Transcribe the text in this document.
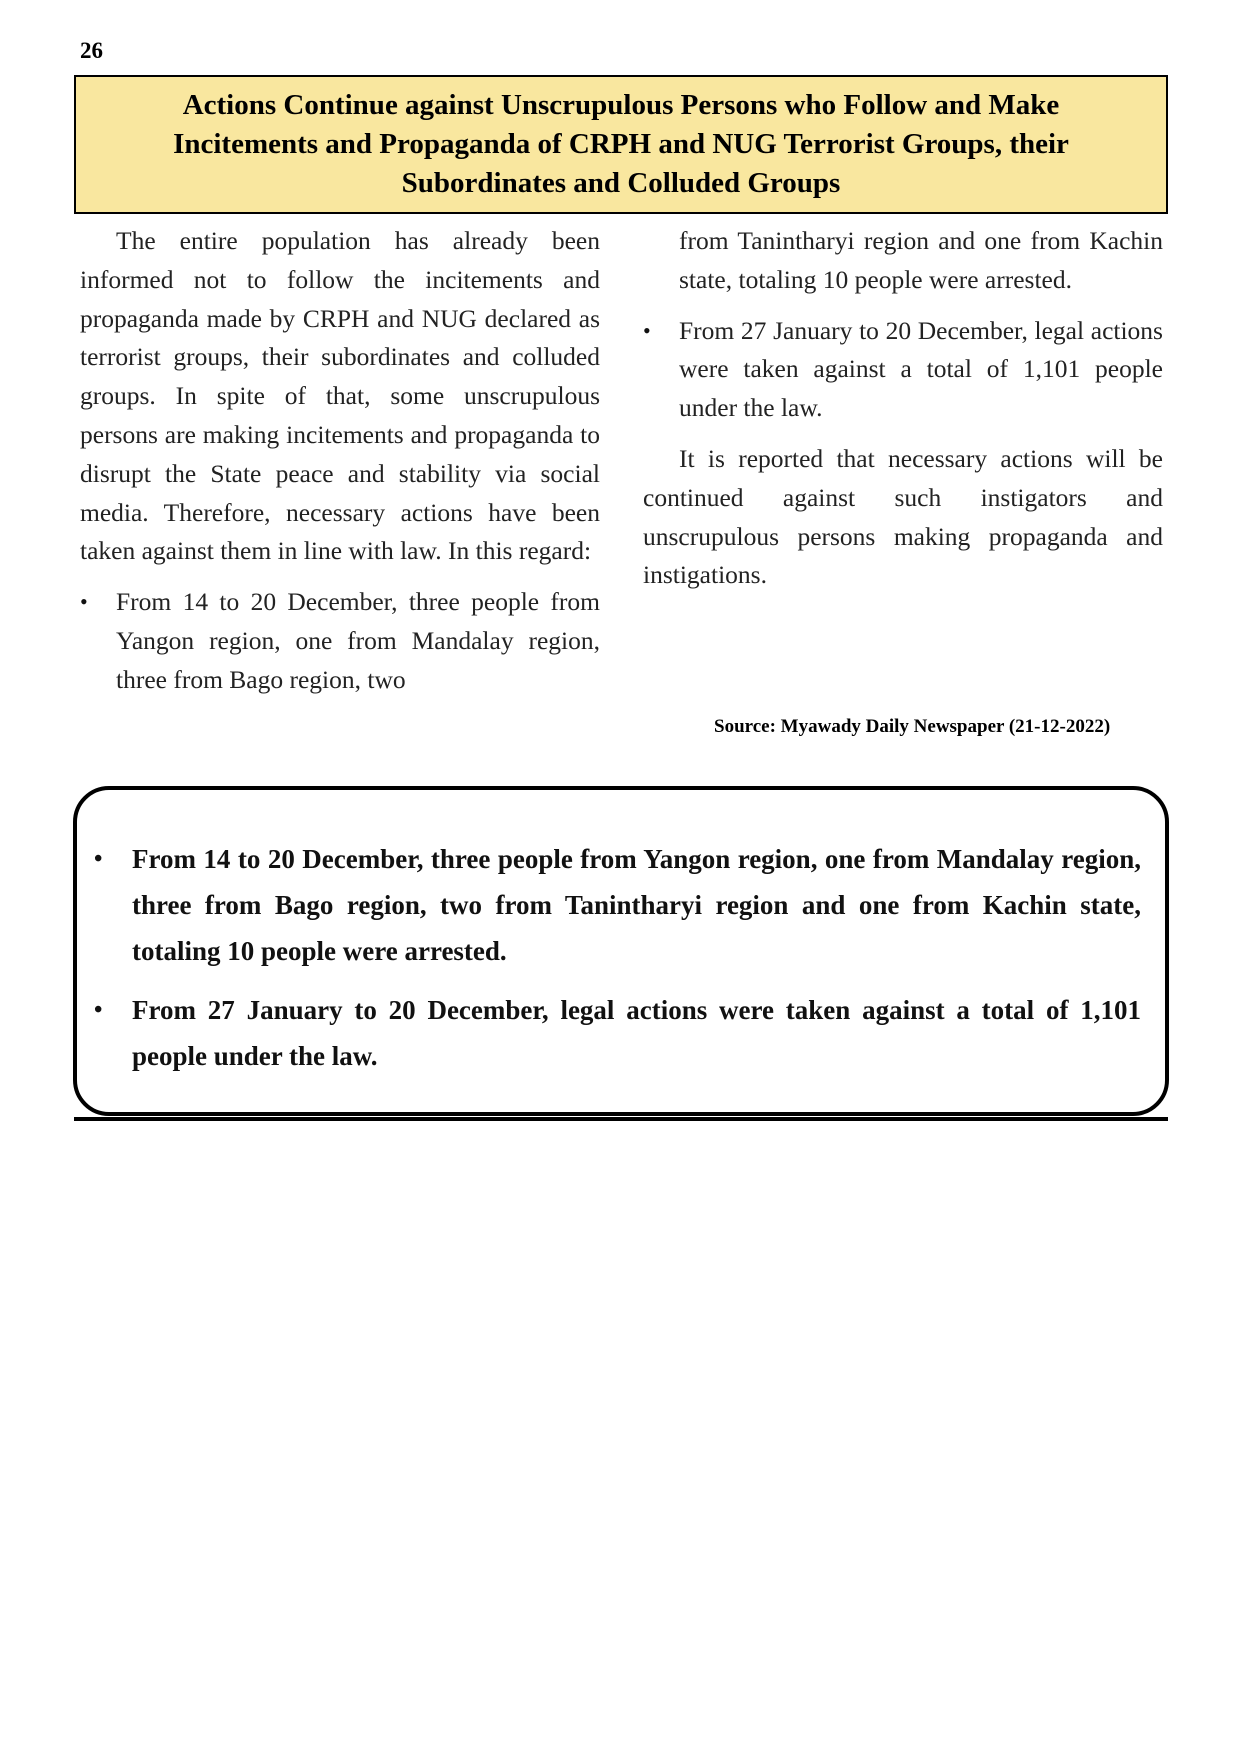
26
Actions Continue against Unscrupulous Persons who Follow and Make Incitements and Propaganda of CRPH and NUG Terrorist Groups, their Subordinates and Colluded Groups

The entire population has already been informed not to follow the incitements and propaganda made by CRPH and NUG declared as terrorist groups, their subordinates and colluded groups. In spite of that, some unscrupulous persons are making incitements and propaganda to disrupt the State peace and stability via social media. Therefore, necessary actions have been taken against them in line with law. In this regard:

• From 14 to 20 December, three people from Yangon region, one from Mandalay region, three from Bago region, two

from Tanintharyi region and one from Kachin state, totaling 10 people were arrested.

• From 27 January to 20 December, legal actions were taken against a total of 1,101 people under the law.

It is reported that necessary actions will be continued against such instigators and unscrupulous persons making propaganda and instigations.

Source: Myawady Daily Newspaper (21-12-2022)
• From 14 to 20 December, three people from Yangon region, one from Mandalay region, three from Bago region, two from Tanintharyi region and one from Kachin state, totaling 10 people were arrested.
• From 27 January to 20 December, legal actions were taken against a total of 1,101 people under the law.
